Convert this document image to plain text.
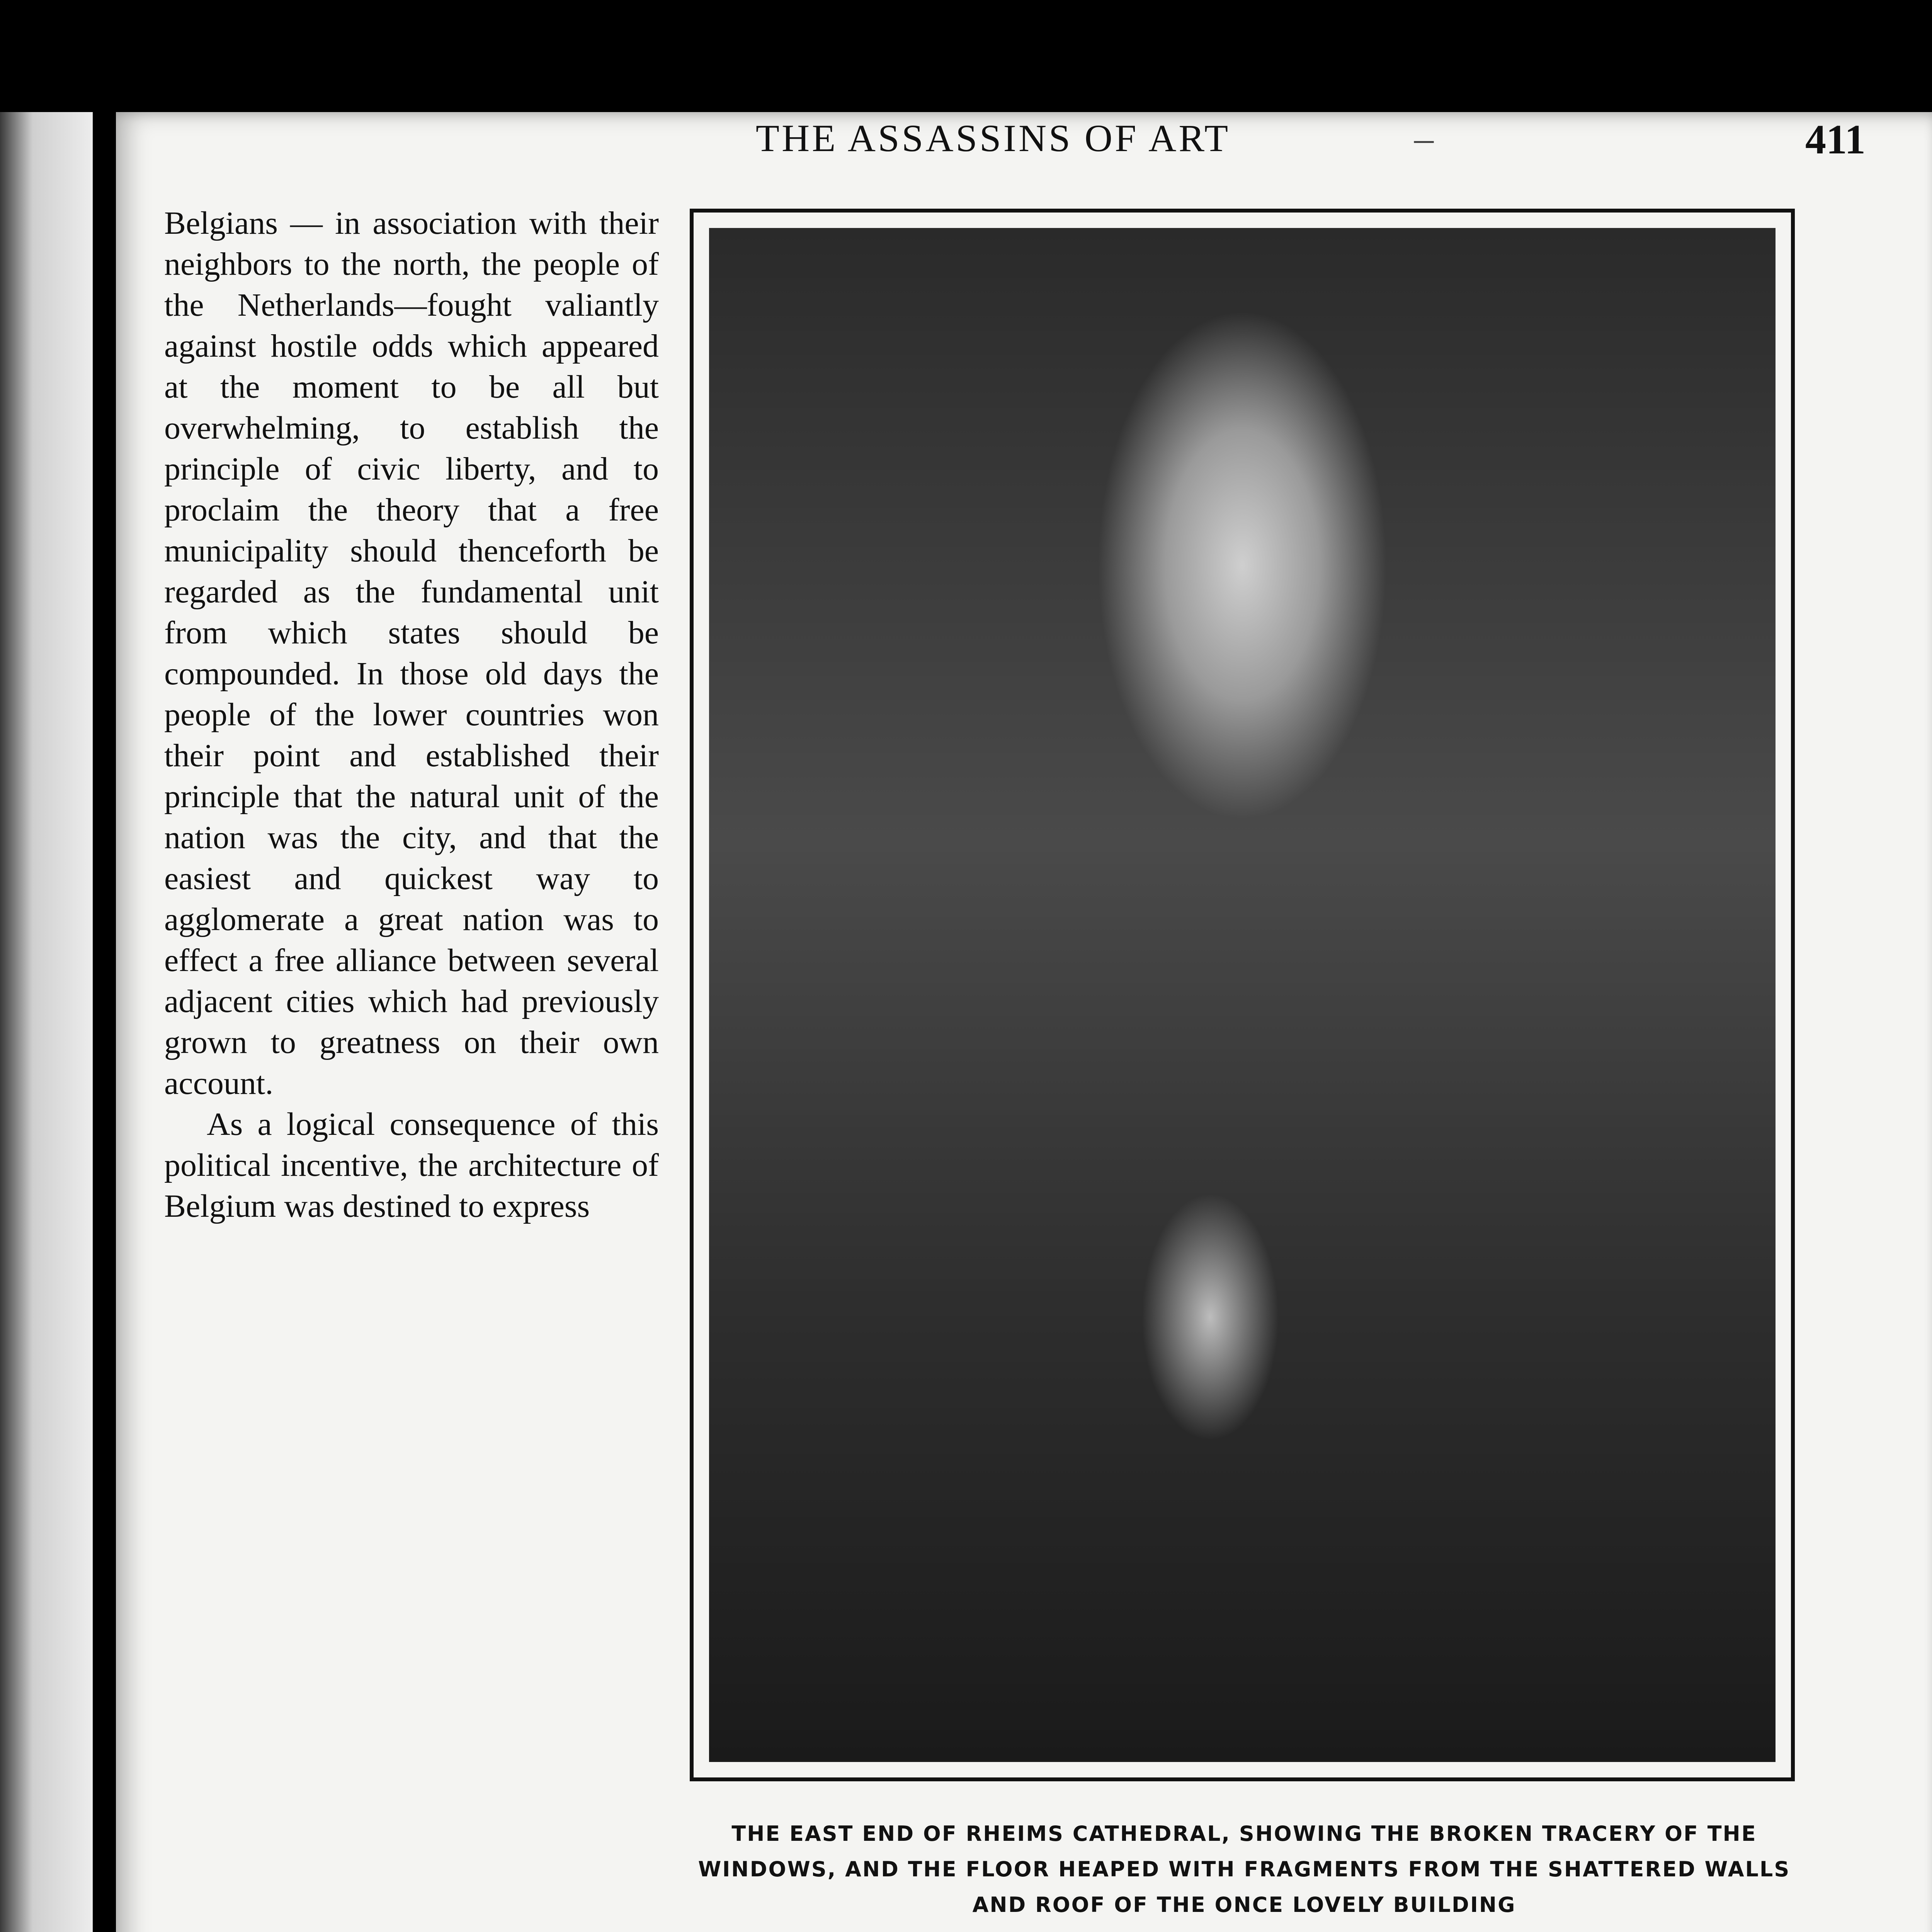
THE ASSASSINS OF ART	–	411

Belgians — in association with their neighbors to the north, the people of the Netherlands—fought valiantly against hostile odds which appeared at the moment to be all but overwhelming, to establish the principle of civic liberty, and to proclaim the theory that a free municipality should thenceforth be regarded as the fundamental unit from which states should be compounded. In those old days the people of the lower countries won their point and established their principle that the natural unit of the nation was the city, and that the easiest and quickest way to agglomerate a great nation was to effect a free alliance between several adjacent cities which had previously grown to greatness on their own account.

As a logical consequence of this political incentive, the architecture of Belgium was destined to express

THE EAST END OF RHEIMS CATHEDRAL, SHOWING THE BROKEN TRACERY OF THE WINDOWS, AND THE FLOOR HEAPED WITH FRAGMENTS FROM THE SHATTERED WALLS AND ROOF OF THE ONCE LOVELY BUILDING
